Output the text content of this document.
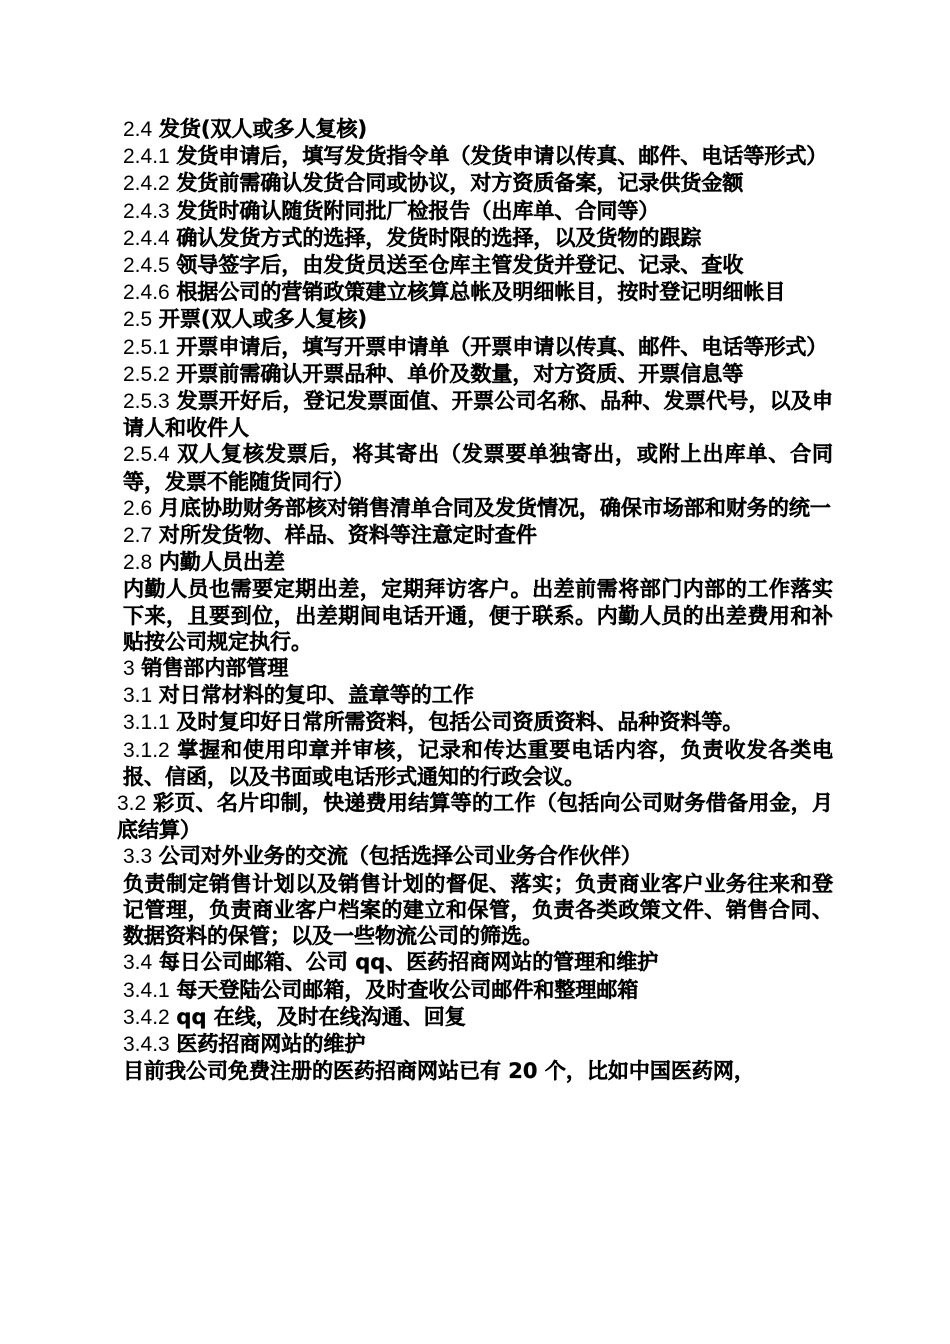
2.4 发货(双人或多人复核)
2.4.1 发货申请后，填写发货指令单（发货申请以传真、邮件、电话等形式）
2.4.2 发货前需确认发货合同或协议，对方资质备案，记录供货金额
2.4.3 发货时确认随货附同批厂检报告（出库单、合同等）
2.4.4 确认发货方式的选择，发货时限的选择，以及货物的跟踪
2.4.5 领导签字后，由发货员送至仓库主管发货并登记、记录、查收
2.4.6 根据公司的营销政策建立核算总帐及明细帐目，按时登记明细帐目
2.5 开票(双人或多人复核)
2.5.1 开票申请后，填写开票申请单（开票申请以传真、邮件、电话等形式）
2.5.2 开票前需确认开票品种、单价及数量，对方资质、开票信息等
2.5.3 发票开好后，登记发票面值、开票公司名称、品种、发票代号，以及申请人和收件人
2.5.4 双人复核发票后，将其寄出（发票要单独寄出，或附上出库单、合同等，发票不能随货同行）
2.6 月底协助财务部核对销售清单合同及发货情况，确保市场部和财务的统一
2.7 对所发货物、样品、资料等注意定时查件
2.8 内勤人员出差
内勤人员也需要定期出差，定期拜访客户。出差前需将部门内部的工作落实下来，且要到位，出差期间电话开通，便于联系。内勤人员的出差费用和补贴按公司规定执行。
3 销售部内部管理
3.1 对日常材料的复印、盖章等的工作
3.1.1 及时复印好日常所需资料，包括公司资质资料、品种资料等。
3.1.2 掌握和使用印章并审核，记录和传达重要电话内容，负责收发各类电报、信函，以及书面或电话形式通知的行政会议。
3.2 彩页、名片印制，快递费用结算等的工作（包括向公司财务借备用金，月底结算）
3.3 公司对外业务的交流（包括选择公司业务合作伙伴）
负责制定销售计划以及销售计划的督促、落实；负责商业客户业务往来和登记管理，负责商业客户档案的建立和保管，负责各类政策文件、销售合同、数据资料的保管；以及一些物流公司的筛选。
3.4 每日公司邮箱、公司 qq、医药招商网站的管理和维护
3.4.1 每天登陆公司邮箱，及时查收公司邮件和整理邮箱
3.4.2 qq 在线，及时在线沟通、回复
3.4.3 医药招商网站的维护
目前我公司免费注册的医药招商网站已有 20 个，比如中国医药网，
